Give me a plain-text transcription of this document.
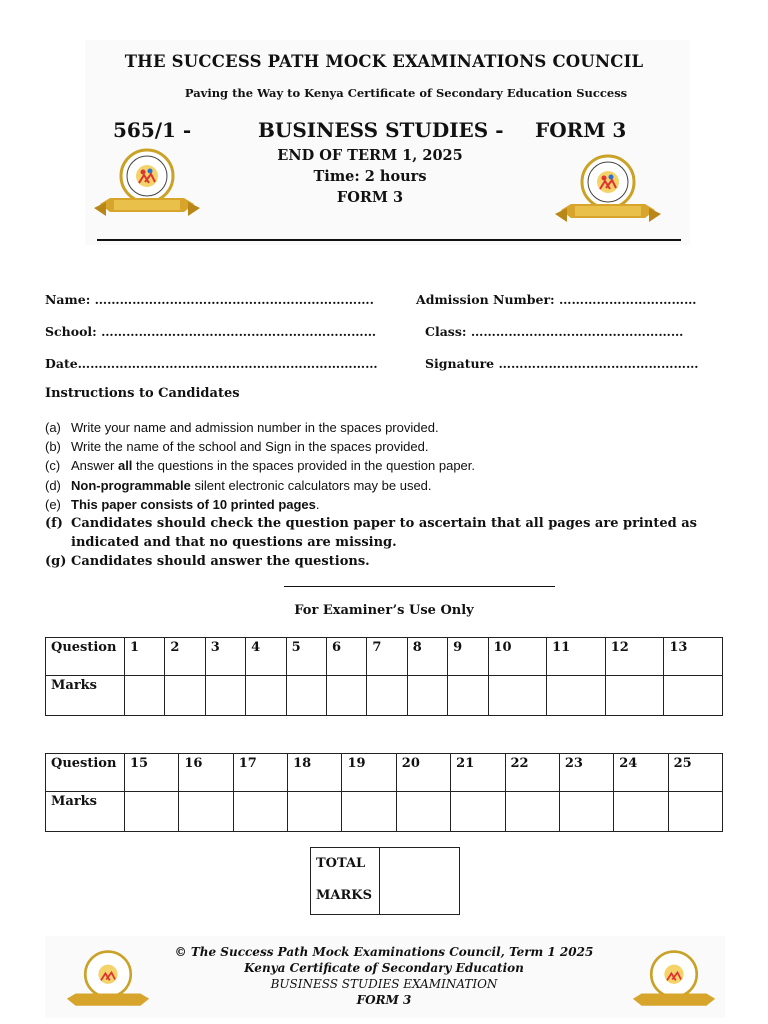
THE SUCCESS PATH MOCK EXAMINATIONS COUNCIL
Paving the Way to Kenya Certificate of Secondary Education Success
565/1 -	BUSINESS STUDIES - FORM 3
END OF TERM 1, 2025
Time: 2 hours
FORM 3
Name: ………………………………………………………….	Admission Number: ……………………………
School: …………………………………………………………	Class: ……………………………………………
Date………………………………………………………………	Signature …………………………………………
Instructions to Candidates
(a) Write your name and admission number in the spaces provided.
(b) Write the name of the school and Sign in the spaces provided.
(c) Answer all the questions in the spaces provided in the question paper.
(d) Non-programmable silent electronic calculators may be used.
(e) This paper consists of 10 printed pages.
(f) Candidates should check the question paper to ascertain that all pages are printed as indicated and that no questions are missing.
(g) Candidates should answer the questions.
For Examiner’s Use Only
Question	1	2	3	4	5	6	7	8	9	10	11	12	13
Marks													
Question	15	16	17	18	19	20	21	22	23	24	25
Marks											
TOTAL
MARKS	
© The Success Path Mock Examinations Council, Term 1 2025
Kenya Certificate of Secondary Education
BUSINESS STUDIES EXAMINATION
FORM 3
